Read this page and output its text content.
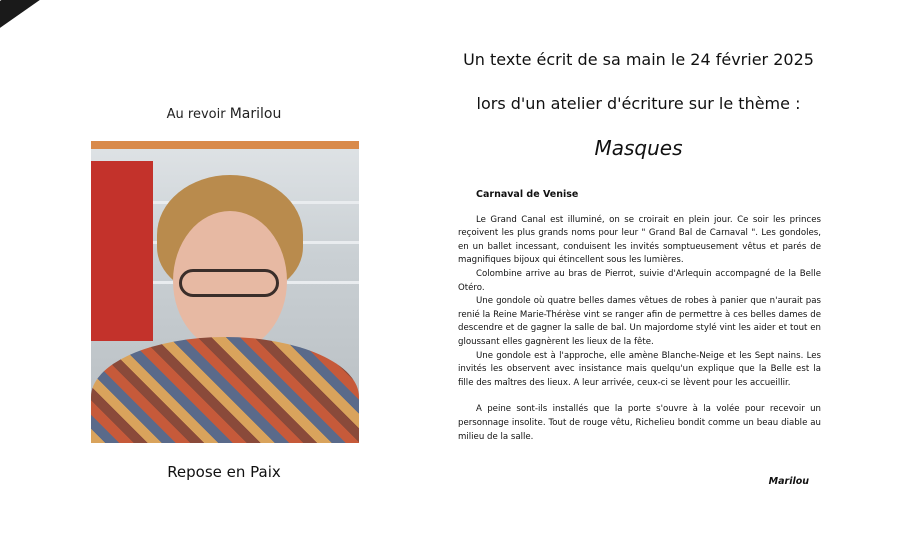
Au revoir Marilou
Repose en Paix
Un texte écrit de sa main le 24 février 2025
lors d'un atelier d'écriture sur le thème :
Masques
Carnaval de Venise

Le Grand Canal est illuminé, on se croirait en plein jour. Ce soir les princes reçoivent les plus grands noms pour leur " Grand Bal de Carnaval ". Les gondoles, en un ballet incessant, conduisent les invités somptueusement vêtus et parés de magnifiques bijoux qui étincellent sous les lumières.

Colombine arrive au bras de Pierrot, suivie d'Arlequin accompagné de la Belle Otéro.

Une gondole où quatre belles dames vêtues de robes à panier que n'aurait pas renié la Reine Marie-Thérèse vint se ranger afin de permettre à ces belles dames de descendre et de gagner la salle de bal. Un majordome stylé vint les aider et tout en gloussant elles gagnèrent les lieux de la fête.

Une gondole est à l'approche, elle amène Blanche-Neige et les Sept nains. Les invités les observent avec insistance mais quelqu'un explique que la Belle est la fille des maîtres des lieux. A leur arrivée, ceux-ci se lèvent pour les accueillir.

A peine sont-ils installés que la porte s'ouvre à la volée pour recevoir un personnage insolite. Tout de rouge vêtu, Richelieu bondit comme un beau diable au milieu de la salle.

Marilou
